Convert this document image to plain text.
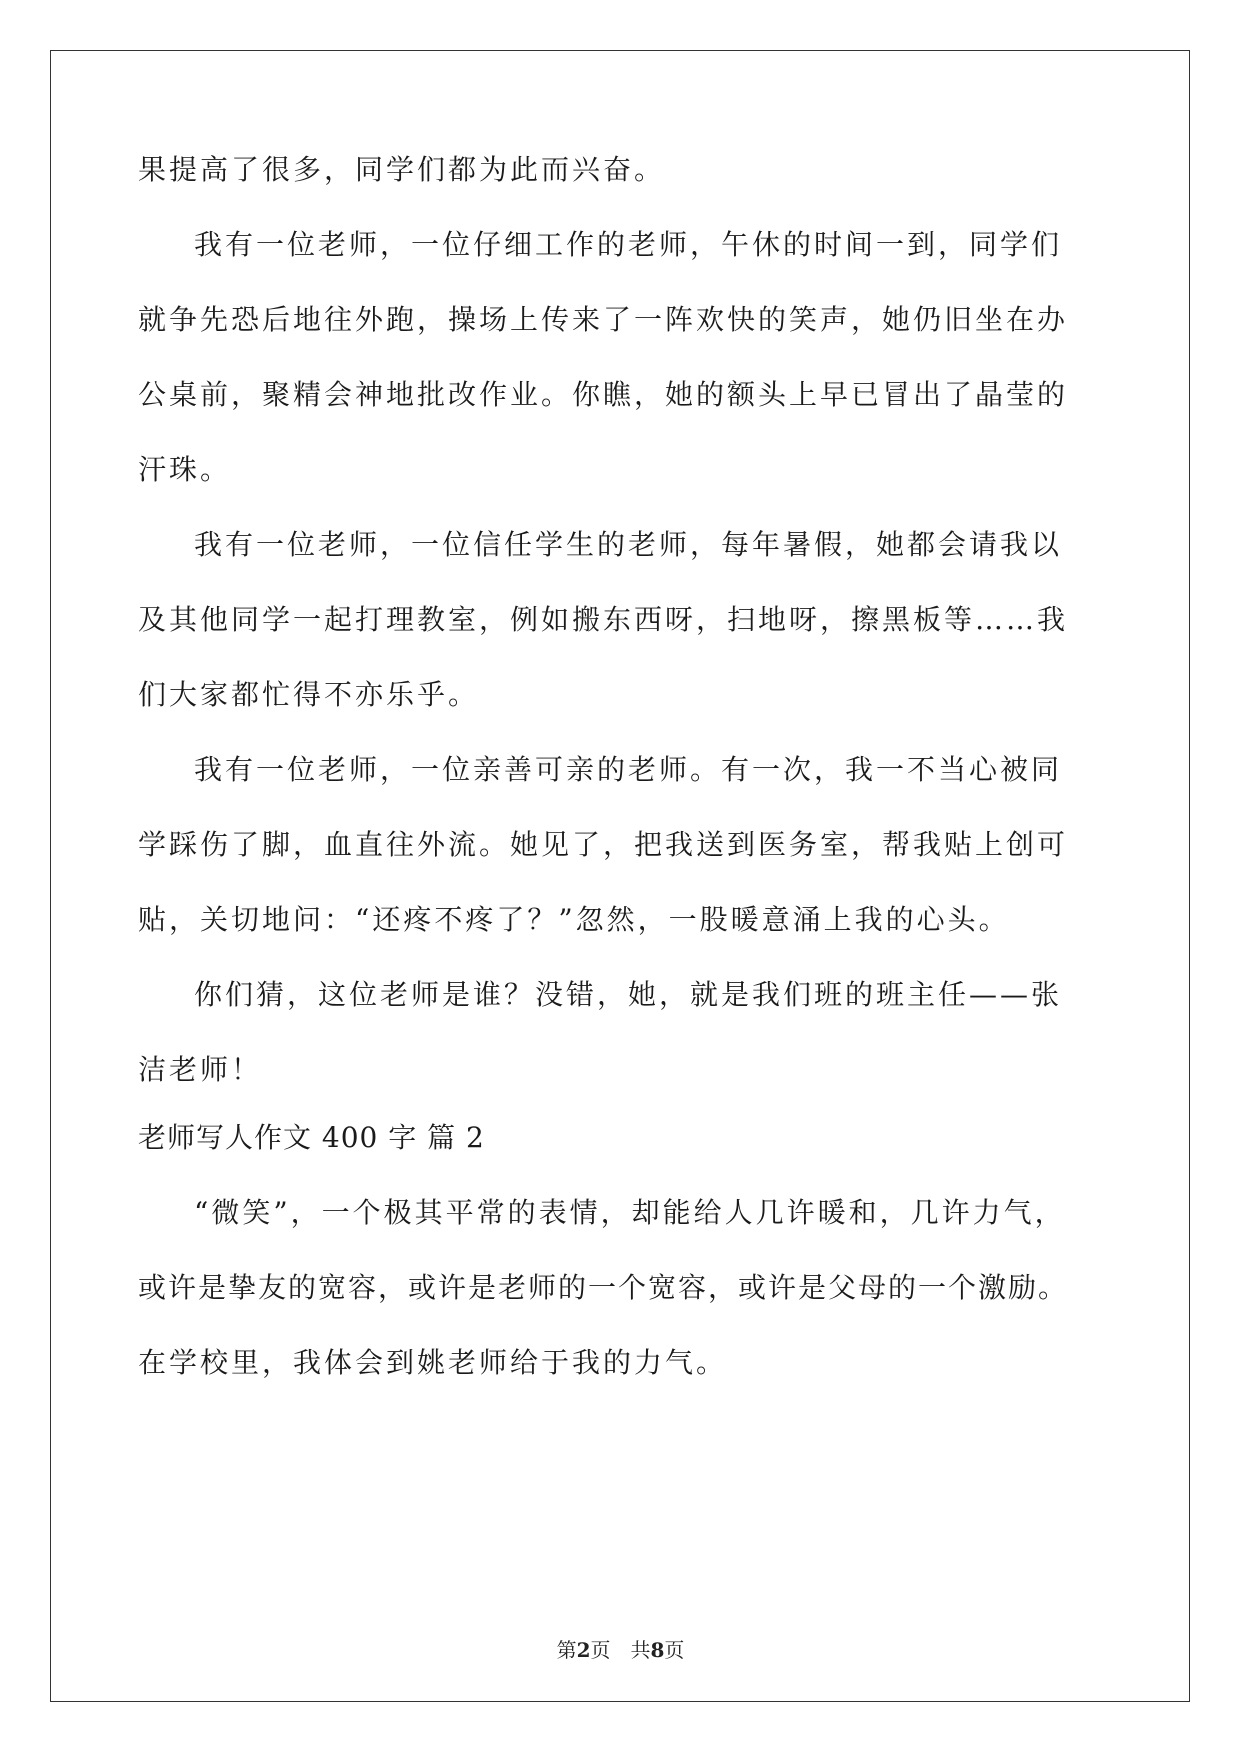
果提高了很多，同学们都为此而兴奋。
我有一位老师，一位仔细工作的老师，午休的时间一到，同学们
就争先恐后地往外跑，操场上传来了一阵欢快的笑声，她仍旧坐在办
公桌前，聚精会神地批改作业。你瞧，她的额头上早已冒出了晶莹的
汗珠。
我有一位老师，一位信任学生的老师，每年暑假，她都会请我以
及其他同学一起打理教室，例如搬东西呀，扫地呀，擦黑板等……我
们大家都忙得不亦乐乎。
我有一位老师，一位亲善可亲的老师。有一次，我一不当心被同
学踩伤了脚，血直往外流。她见了，把我送到医务室，帮我贴上创可
贴，关切地问：“还疼不疼了？”忽然，一股暖意涌上我的心头。
你们猜，这位老师是谁？没错，她，就是我们班的班主任——张
洁老师！
老师写人作文 400 字 篇 2
“微笑”，一个极其平常的表情，却能给人几许暖和，几许力气，
或许是挚友的宽容，或许是老师的一个宽容，或许是父母的一个激励。
在学校里，我体会到姚老师给于我的力气。
第2页　共8页
